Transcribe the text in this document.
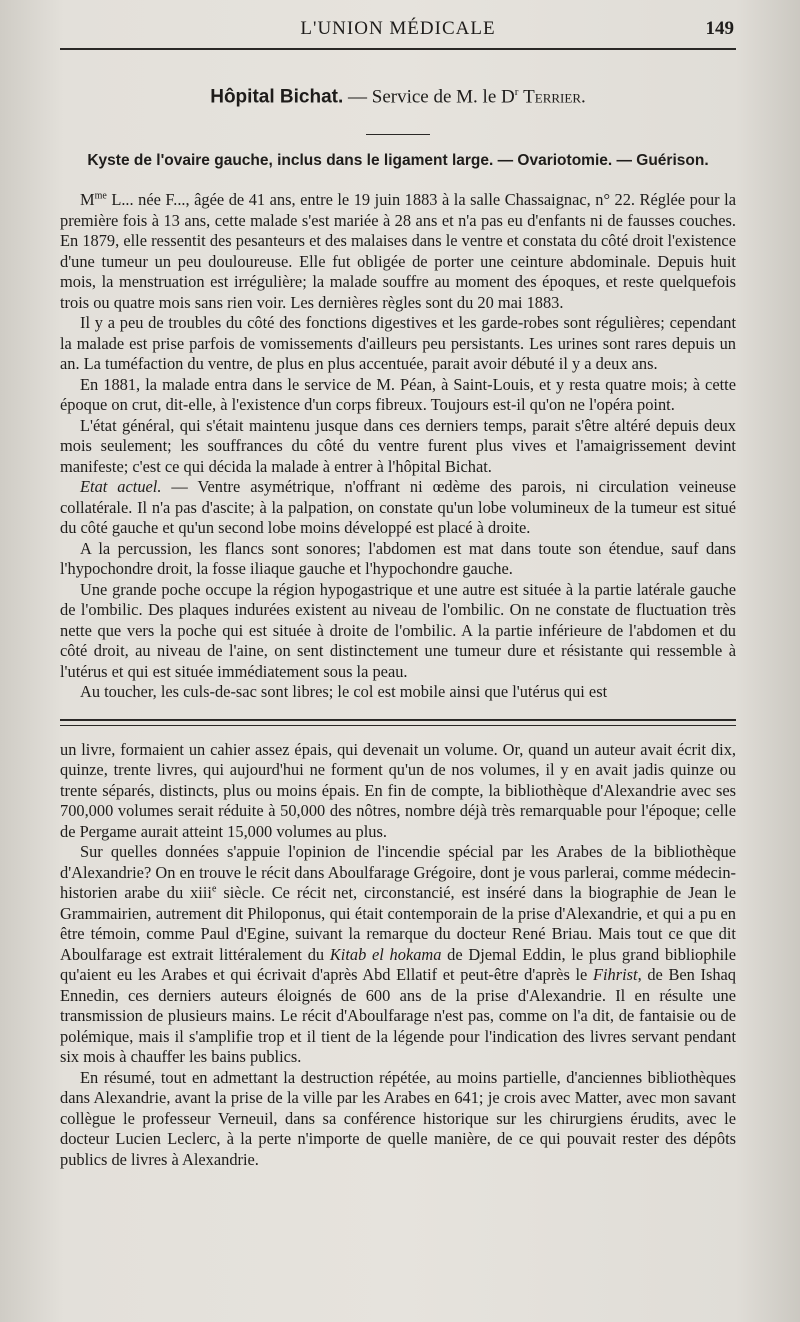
L'UNION MÉDICALE	149
Hôpital Bichat. — Service de M. le $D^r$ Terrier.
Kyste de l'ovaire gauche, inclus dans le ligament large. — Ovariotomie. — Guérison.

$M^{me}$ L... née F..., âgée de 41 ans, entre le 19 juin 1883 à la salle Chassaignac, n° 22. Réglée pour la première fois à 13 ans, cette malade s'est mariée à 28 ans et n'a pas eu d'enfants ni de fausses couches. En 1879, elle ressentit des pesanteurs et des malaises dans le ventre et constata du côté droit l'existence d'une tumeur un peu douloureuse. Elle fut obligée de porter une ceinture abdominale. Depuis huit mois, la menstruation est irrégulière; la malade souffre au moment des époques, et reste quelquefois trois ou quatre mois sans rien voir. Les dernières règles sont du 20 mai 1883.

Il y a peu de troubles du côté des fonctions digestives et les garde-robes sont régulières; cependant la malade est prise parfois de vomissements d'ailleurs peu persistants. Les urines sont rares depuis un an. La tuméfaction du ventre, de plus en plus accentuée, parait avoir débuté il y a deux ans.

En 1881, la malade entra dans le service de M. Péan, à Saint-Louis, et y resta quatre mois; à cette époque on crut, dit-elle, à l'existence d'un corps fibreux. Toujours est-il qu'on ne l'opéra point.

L'état général, qui s'était maintenu jusque dans ces derniers temps, parait s'être altéré depuis deux mois seulement; les souffrances du côté du ventre furent plus vives et l'amaigrissement devint manifeste; c'est ce qui décida la malade à entrer à l'hôpital Bichat.

Etat actuel. — Ventre asymétrique, n'offrant ni œdème des parois, ni circulation veineuse collatérale. Il n'a pas d'ascite; à la palpation, on constate qu'un lobe volumineux de la tumeur est situé du côté gauche et qu'un second lobe moins développé est placé à droite.

A la percussion, les flancs sont sonores; l'abdomen est mat dans toute son étendue, sauf dans l'hypochondre droit, la fosse iliaque gauche et l'hypochondre gauche.

Une grande poche occupe la région hypogastrique et une autre est située à la partie latérale gauche de l'ombilic. Des plaques indurées existent au niveau de l'ombilic. On ne constate de fluctuation très nette que vers la poche qui est située à droite de l'ombilic. A la partie inférieure de l'abdomen et du côté droit, au niveau de l'aine, on sent distinctement une tumeur dure et résistante qui ressemble à l'utérus et qui est située immédiatement sous la peau.

Au toucher, les culs-de-sac sont libres; le col est mobile ainsi que l'utérus qui est

un livre, formaient un cahier assez épais, qui devenait un volume. Or, quand un auteur avait écrit dix, quinze, trente livres, qui aujourd'hui ne forment qu'un de nos volumes, il y en avait jadis quinze ou trente séparés, distincts, plus ou moins épais. En fin de compte, la bibliothèque d'Alexandrie avec ses 700,000 volumes serait réduite à 50,000 des nôtres, nombre déjà très remarquable pour l'époque; celle de Pergame aurait atteint 15,000 volumes au plus.

Sur quelles données s'appuie l'opinion de l'incendie spécial par les Arabes de la bibliothèque d'Alexandrie? On en trouve le récit dans Aboulfarage Grégoire, dont je vous parlerai, comme médecin-historien arabe du xiii$^e$ siècle. Ce récit net, circonstancié, est inséré dans la biographie de Jean le Grammairien, autrement dit Philoponus, qui était contemporain de la prise d'Alexandrie, et qui a pu en être témoin, comme Paul d'Egine, suivant la remarque du docteur René Briau. Mais tout ce que dit Aboulfarage est extrait littéralement du Kitab el hokama de Djemal Eddin, le plus grand bibliophile qu'aient eu les Arabes et qui écrivait d'après Abd Ellatif et peut-être d'après le Fihrist, de Ben Ishaq Ennedin, ces derniers auteurs éloignés de 600 ans de la prise d'Alexandrie. Il en résulte une transmission de plusieurs mains. Le récit d'Aboulfarage n'est pas, comme on l'a dit, de fantaisie ou de polémique, mais il s'amplifie trop et il tient de la légende pour l'indication des livres servant pendant six mois à chauffer les bains publics.

En résumé, tout en admettant la destruction répétée, au moins partielle, d'anciennes bibliothèques dans Alexandrie, avant la prise de la ville par les Arabes en 641; je crois avec Matter, avec mon savant collègue le professeur Verneuil, dans sa conférence historique sur les chirurgiens érudits, avec le docteur Lucien Leclerc, à la perte n'importe de quelle manière, de ce qui pouvait rester des dépôts publics de livres à Alexandrie.
